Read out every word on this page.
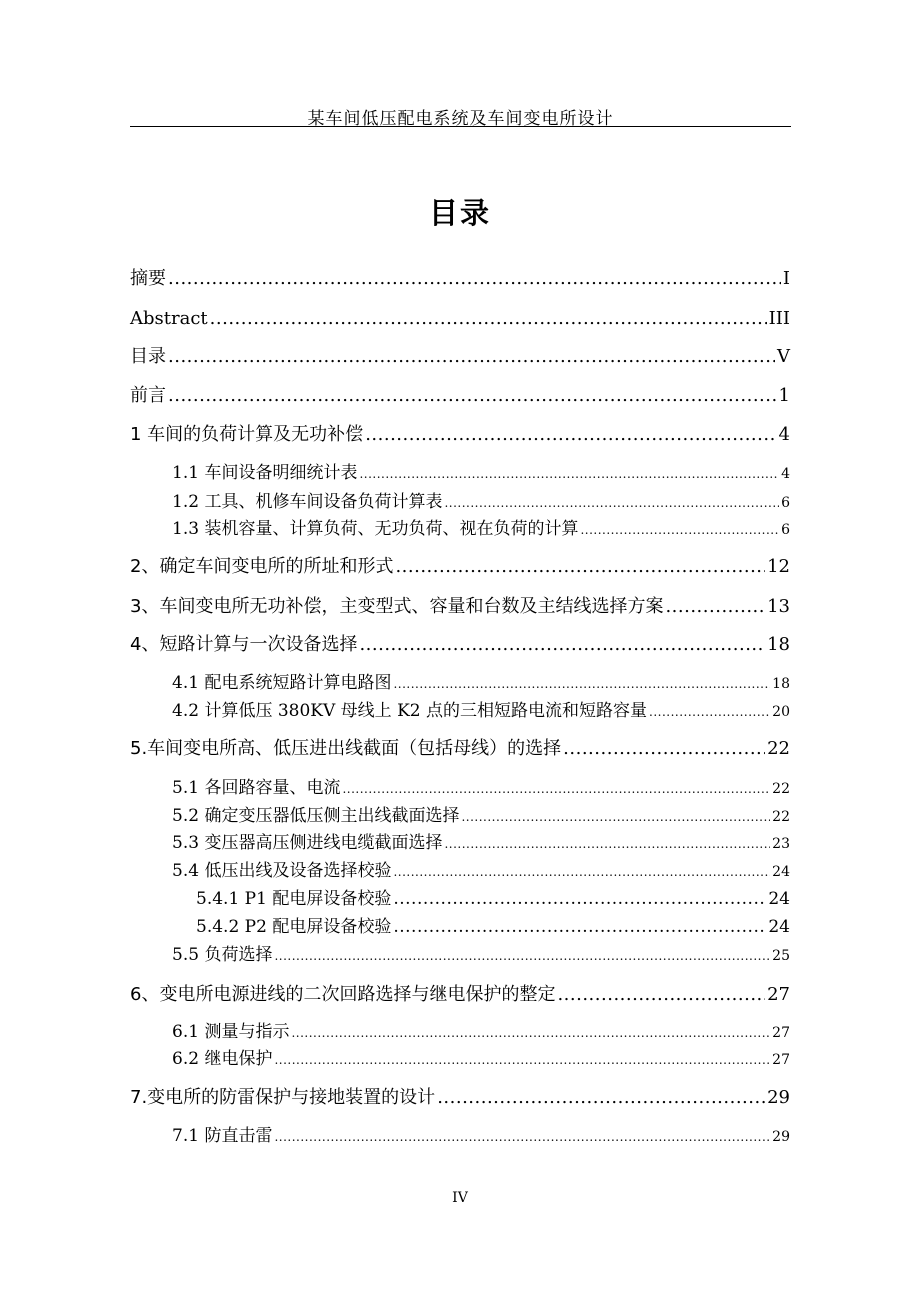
某车间低压配电系统及车间变电所设计
目录
摘要 .....	I
Abstract .....	III
目录 .....	V
前言 .....	1
1 车间的负荷计算及无功补偿 .....	4
1.1 车间设备明细统计表 .....	4
1.2 工具、机修车间设备负荷计算表 .....	6
1.3 装机容量、计算负荷、无功负荷、视在负荷的计算 .....	6
2、确定车间变电所的所址和形式 .....	12
3、车间变电所无功补偿，主变型式、容量和台数及主结线选择方案 .....	13
4、短路计算与一次设备选择 .....	18
4.1 配电系统短路计算电路图 .....	18
4.2 计算低压 380KV 母线上 K2 点的三相短路电流和短路容量 .....	20
5.车间变电所高、低压进出线截面（包括母线）的选择 .....	22
5.1 各回路容量、电流 .....	22
5.2 确定变压器低压侧主出线截面选择 .....	22
5.3 变压器高压侧进线电缆截面选择 .....	23
5.4 低压出线及设备选择校验 .....	24
5.4.1 P1 配电屏设备校验 .....	24
5.4.2 P2 配电屏设备校验 .....	24
5.5 负荷选择 .....	25
6、变电所电源进线的二次回路选择与继电保护的整定 .....	27
6.1 测量与指示 .....	27
6.2 继电保护 .....	27
7.变电所的防雷保护与接地装置的设计 .....	29
7.1 防直击雷 .....	29
IV
